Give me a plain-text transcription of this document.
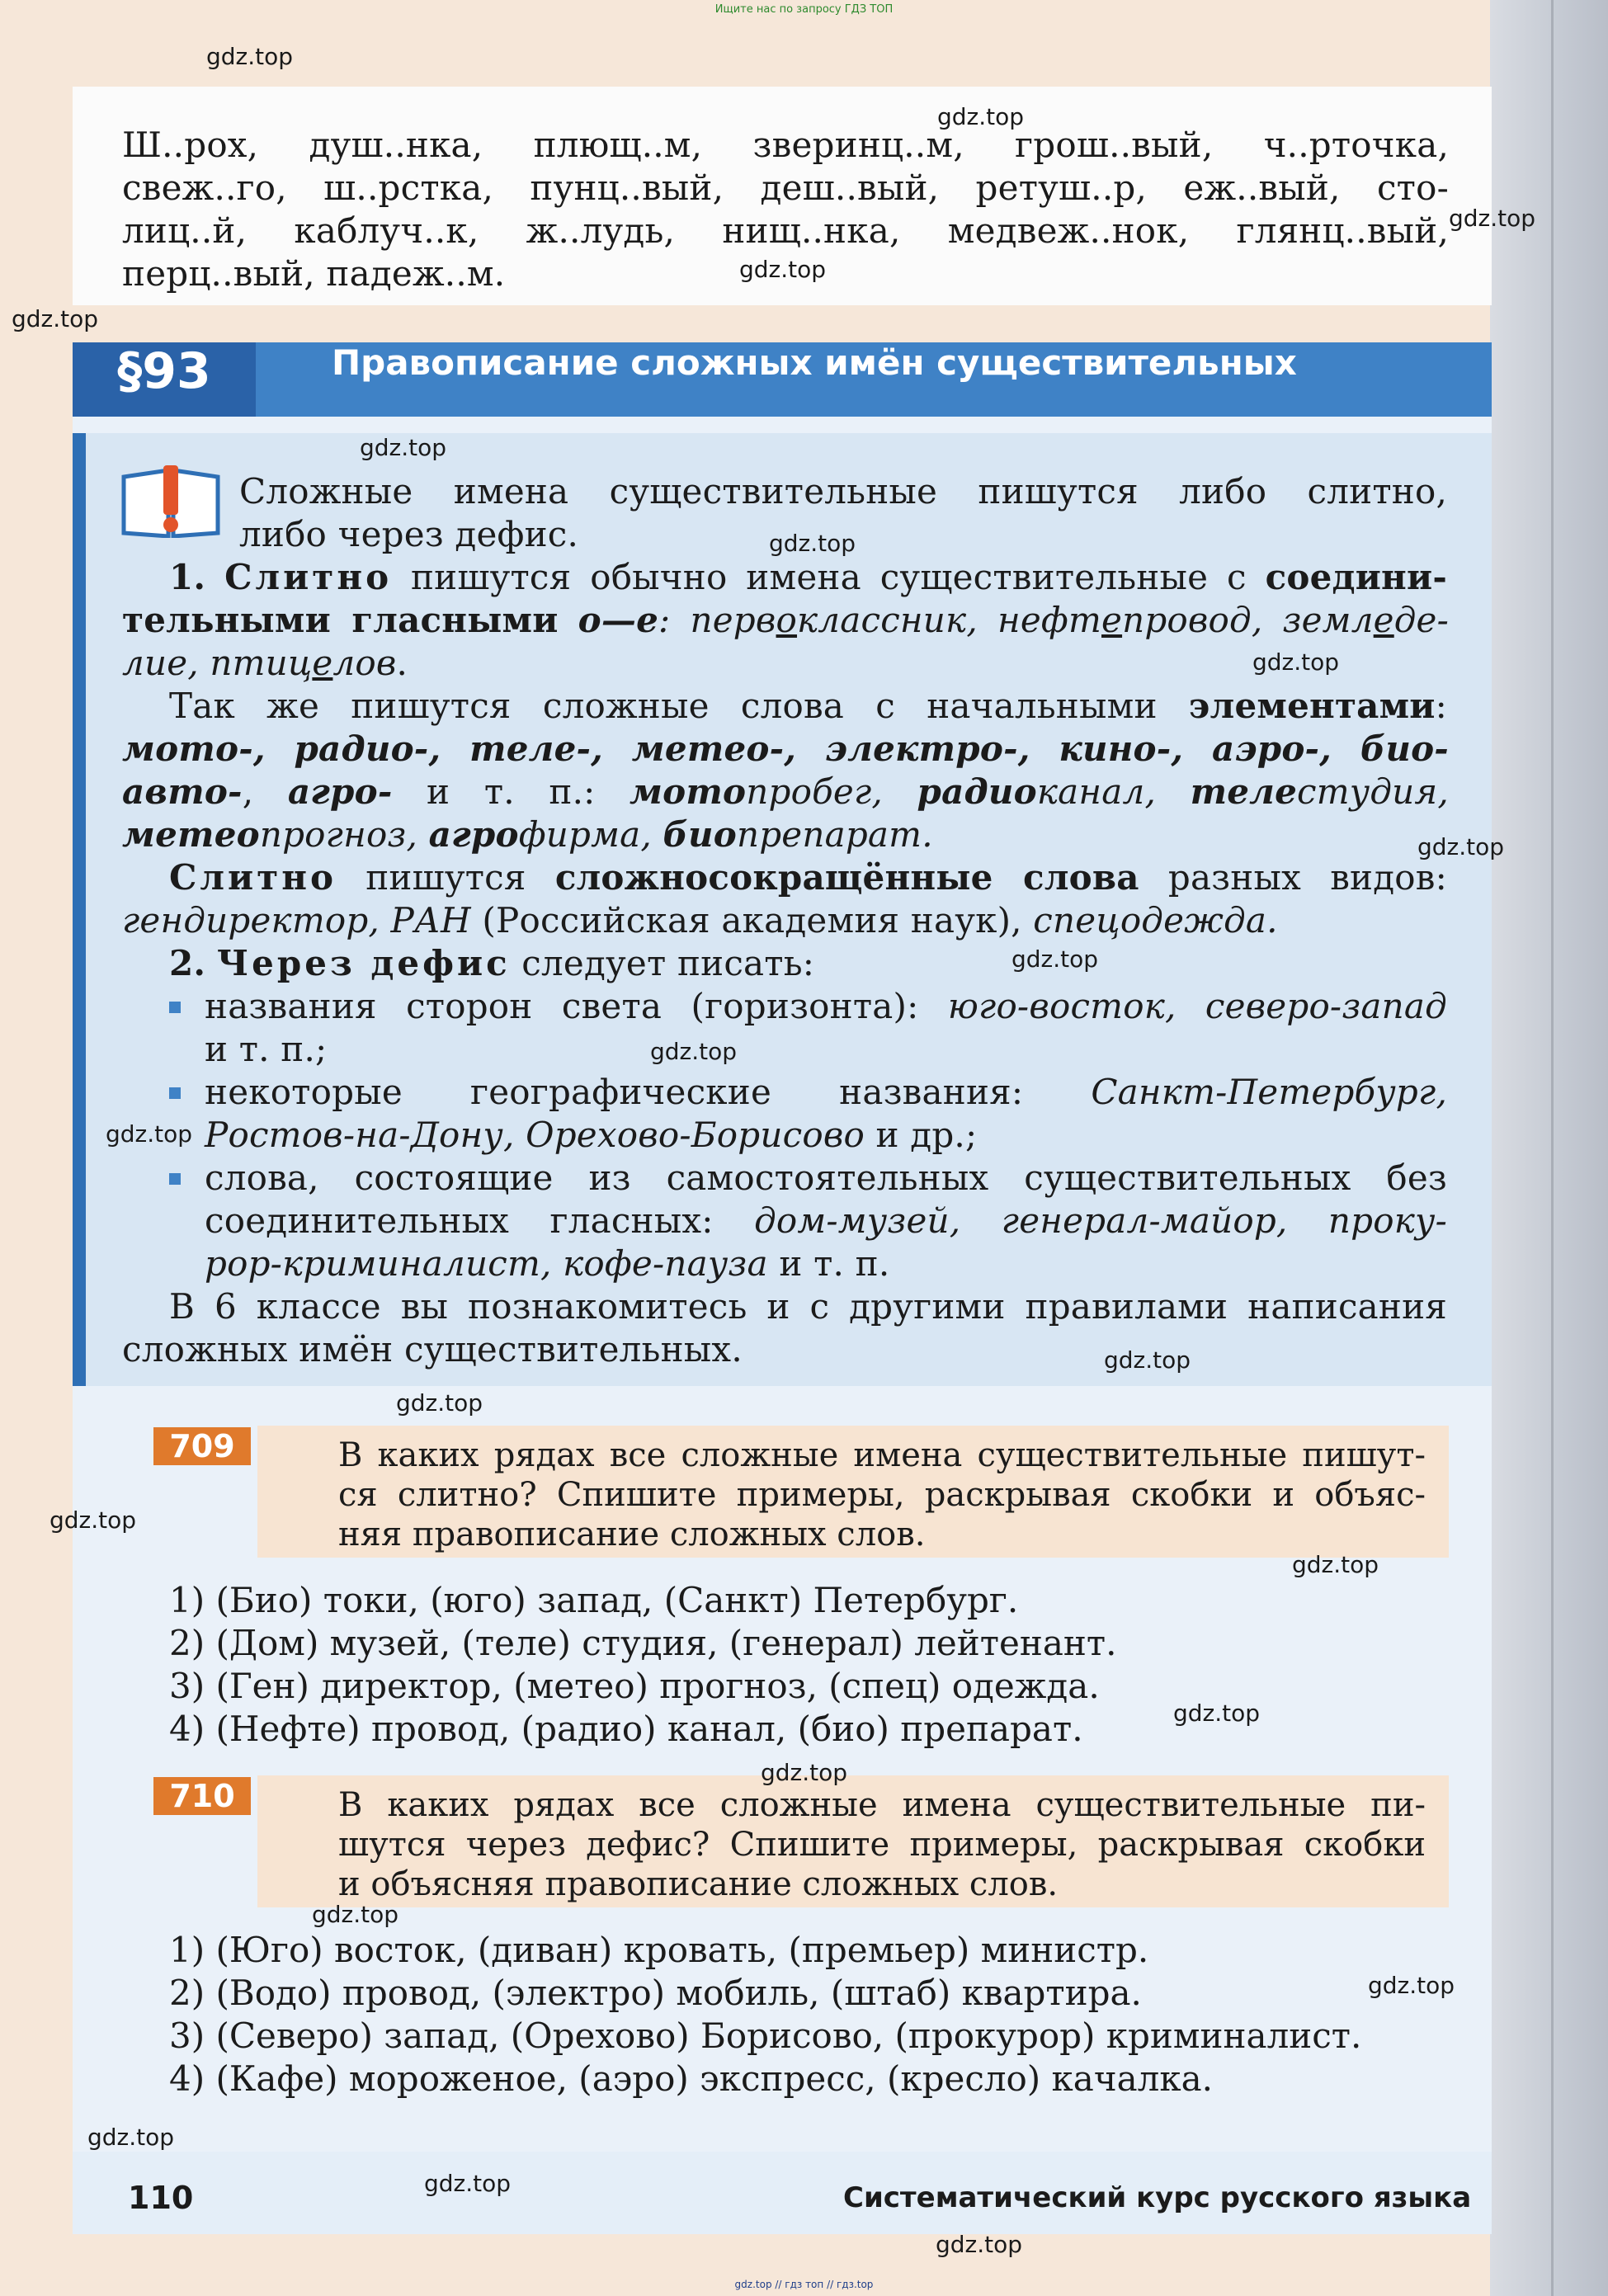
Ищите нас по запросу ГДЗ ТОП
Ш..рох, душ..нка, плющ..м, зверинц..м, грош..вый, ч..рточка,
свеж..го, ш..рстка, пунц..вый, деш..вый, ретуш..р, еж..вый, сто-
лиц..й, каблуч..к, ж..лудь, нищ..нка, медвеж..нок, глянц..вый,
перц..вый, падеж..м.
§93	Правописание сложных имён существительных
Сложные имена существительные пишутся либо слитно,
либо через дефис.
1. Слитно пишутся обычно имена существительные с соедини-
тельными гласными о—е: первоклассник, нефтепровод, земледе-
лие, птицелов.
Так же пишутся сложные слова с начальными элементами:
мото-, радио-, теле-, метео-, электро-, кино-, аэро-, био-
авто-, агро- и т. п.: мотопробег, радиоканал, телестудия,
метеопрогноз, агрофирма, биопрепарат.
Слитно пишутся сложносокращённые слова разных видов:
гендиректор, РАН (Российская академия наук), спецодежда.
2. Через дефис следует писать:
названия сторон света (горизонта): юго-восток, северо-запад
и т. п.;
некоторые географические названия: Санкт-Петербург,
Ростов-на-Дону, Орехово-Борисово и др.;
слова, состоящие из самостоятельных существительных без
соединительных гласных: дом-музей, генерал-майор, проку-
рор-криминалист, кофе-пауза и т. п.
В 6 классе вы познакомитесь и с другими правилами написания
сложных имён существительных.
709	В каких рядах все сложные имена существительные пишут-
ся слитно? Спишите примеры, раскрывая скобки и объяс-
няя правописание сложных слов.
1) (Био) токи, (юго) запад, (Санкт) Петербург.
2) (Дом) музей, (теле) студия, (генерал) лейтенант.
3) (Ген) директор, (метео) прогноз, (спец) одежда.
4) (Нефте) провод, (радио) канал, (био) препарат.
710	В каких рядах все сложные имена существительные пи-
шутся через дефис? Спишите примеры, раскрывая скобки
и объясняя правописание сложных слов.
1) (Юго) восток, (диван) кровать, (премьер) министр.
2) (Водо) провод, (электро) мобиль, (штаб) квартира.
3) (Северо) запад, (Орехово) Борисово, (прокурор) криминалист.
4) (Кафе) мороженое, (аэро) экспресс, (кресло) качалка.
110	Систематический курс русского языка
gdz.top
gdz.top
gdz.top
gdz.top
gdz.top
gdz.top
gdz.top
gdz.top
gdz.top
gdz.top
gdz.top
gdz.top
gdz.top
gdz.top
gdz.top
gdz.top
gdz.top
gdz.top
gdz.top
gdz.top
gdz.top
gdz.top
gdz.top
gdz.top // гдз топ // гдз.top
